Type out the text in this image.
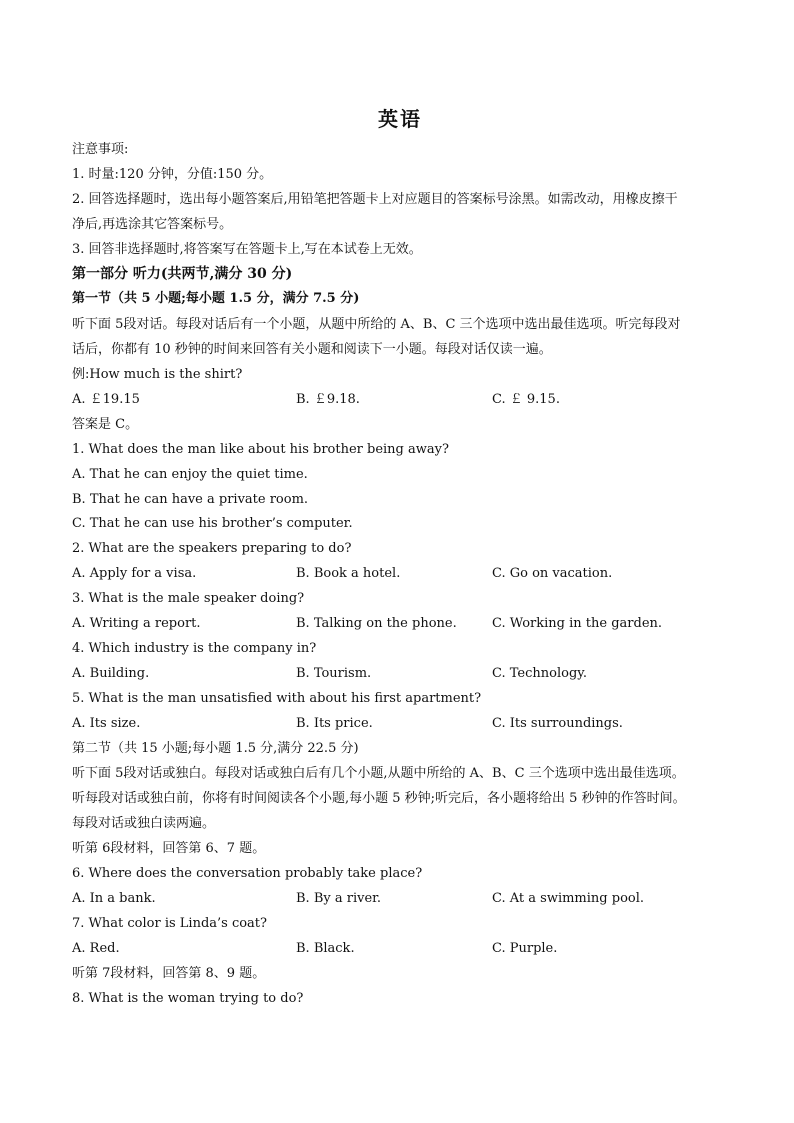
英语
注意事项:
1. 时量:120 分钟，分值:150 分。
2. 回答选择题时，选出每小题答案后,用铅笔把答题卡上对应题目的答案标号涂黑。如需改动，用橡皮擦干
净后,再选涂其它答案标号。
3. 回答非选择题时,将答案写在答题卡上,写在本试卷上无效。
第一部分 听力(共两节,满分 30 分)
第一节（共 5 小题;每小题 1.5 分，满分 7.5 分)
听下面 5段对话。每段对话后有一个小题，从题中所给的 A、B、C 三个选项中选出最佳选项。听完每段对
话后，你都有 10 秒钟的时间来回答有关小题和阅读下一小题。每段对话仅读一遍。
例:How much is the shirt?
A. ￡19.15	B. ￡9.18.	C. ￡ 9.15.
答案是 C。
1. What does the man like about his brother being away?
A. That he can enjoy the quiet time.
B. That he can have a private room.
C. That he can use his brother’s computer.
2. What are the speakers preparing to do?
A. Apply for a visa.	B. Book a hotel.	C. Go on vacation.
3. What is the male speaker doing?
A. Writing a report.	B. Talking on the phone.	C. Working in the garden.
4. Which industry is the company in?
A. Building.	B. Tourism.	C. Technology.
5. What is the man unsatisfied with about his first apartment?
A. Its size.	B. Its price.	C. Its surroundings.
第二节（共 15 小题;每小题 1.5 分,满分 22.5 分)
听下面 5段对话或独白。每段对话或独白后有几个小题,从题中所给的 A、B、C 三个选项中选出最佳选项。
听每段对话或独白前，你将有时间阅读各个小题,每小题 5 秒钟;听完后，各小题将给出 5 秒钟的作答时间。
每段对话或独白读两遍。
听第 6段材料，回答第 6、7 题。
6. Where does the conversation probably take place?
A. In a bank.	B. By a river.	C. At a swimming pool.
7. What color is Linda’s coat?
A. Red.	B. Black.	C. Purple.
听第 7段材料，回答第 8、9 题。
8. What is the woman trying to do?
